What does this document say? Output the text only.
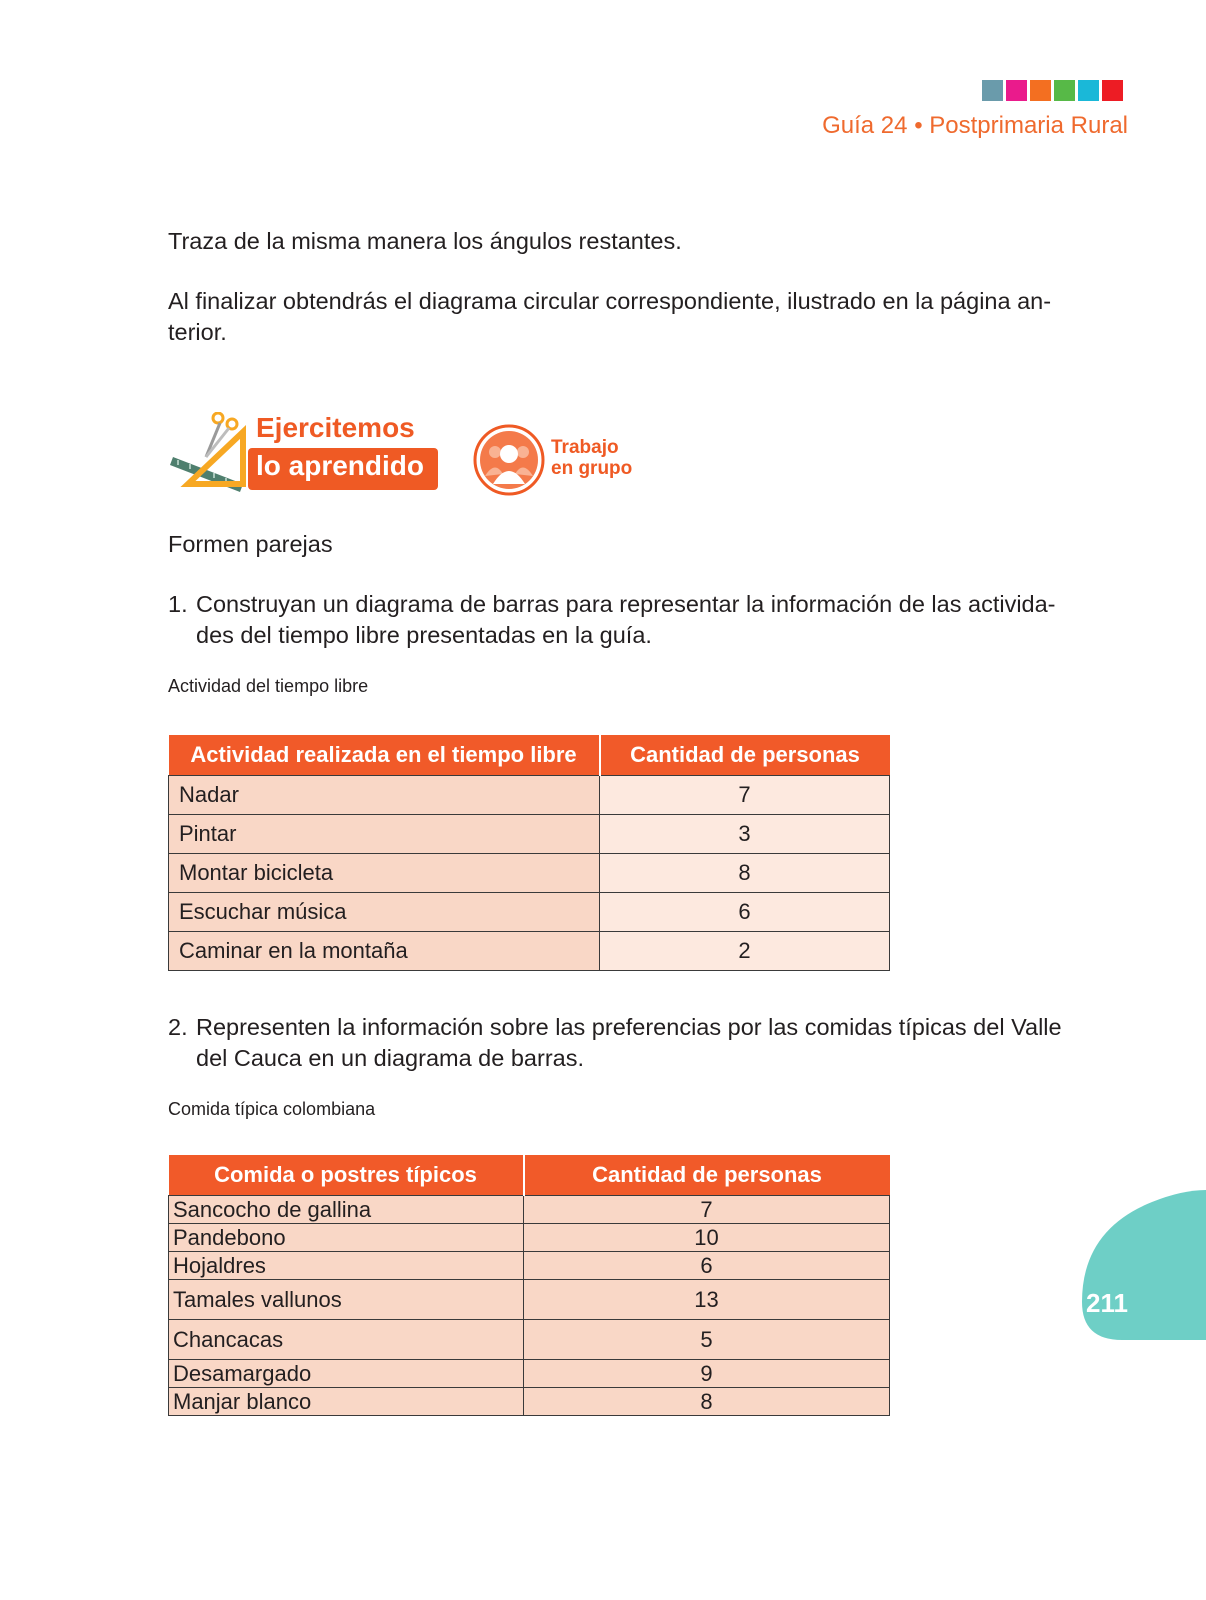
Guía 24 • Postprimaria Rural

Traza de la misma manera los ángulos restantes.

Al finalizar obtendrás el diagrama circular correspondiente, ilustrado en la página an-

terior.

Ejercitemos
lo aprendido
Trabajo
en grupo

Formen parejas

1. Construyan un diagrama de barras para representar la información de las activida-
des del tiempo libre presentadas en la guía.
Actividad del tiempo libre
Actividad realizada en el tiempo libre	Cantidad de personas
Nadar	7
Pintar	3
Montar bicicleta	8
Escuchar música	6
Caminar en la montaña	2
2. Representen la información sobre las preferencias por las comidas típicas del Valle
del Cauca en un diagrama de barras.
Comida típica colombiana
Comida o postres típicos	Cantidad de personas
Sancocho de gallina	7
Pandebono	10
Hojaldres	6
Tamales vallunos	13
Chancacas	5
Desamargado	9
Manjar blanco	8
211
